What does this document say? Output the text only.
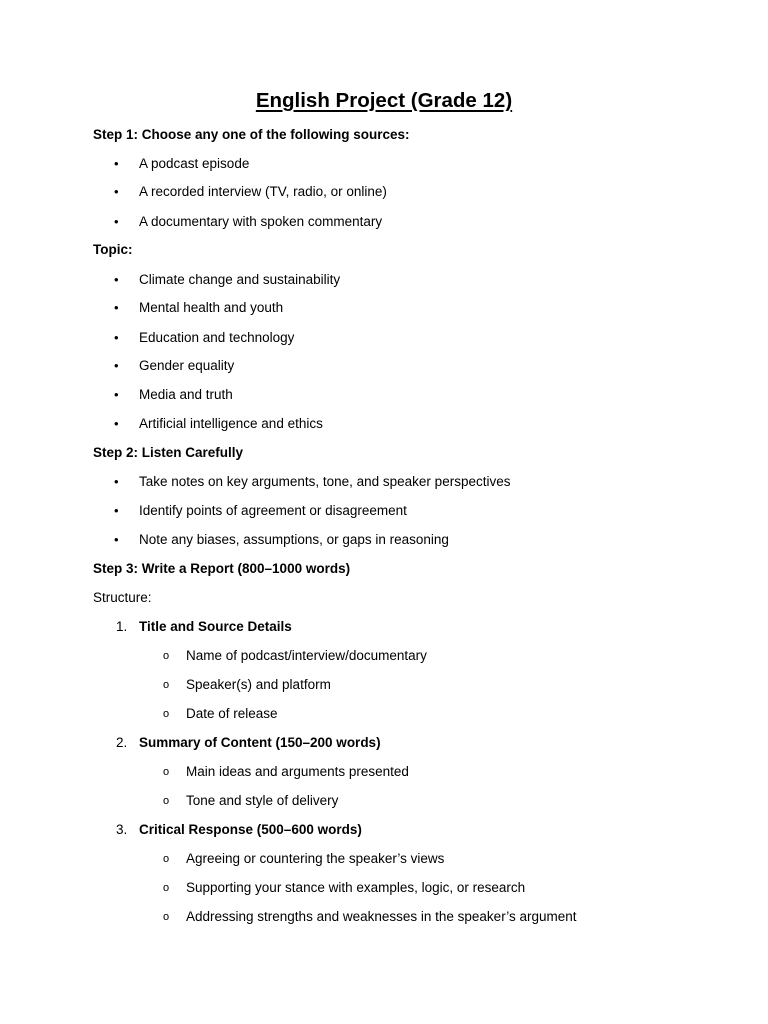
English Project (Grade 12)
Step 1: Choose any one of the following sources:
• A podcast episode
• A recorded interview (TV, radio, or online)
• A documentary with spoken commentary
Topic:
• Climate change and sustainability
• Mental health and youth
• Education and technology
• Gender equality
• Media and truth
• Artificial intelligence and ethics
Step 2: Listen Carefully
• Take notes on key arguments, tone, and speaker perspectives
• Identify points of agreement or disagreement
• Note any biases, assumptions, or gaps in reasoning
Step 3: Write a Report (800–1000 words)
Structure:
1. Title and Source Details
o Name of podcast/interview/documentary
o Speaker(s) and platform
o Date of release
2. Summary of Content (150–200 words)
o Main ideas and arguments presented
o Tone and style of delivery
3. Critical Response (500–600 words)
o Agreeing or countering the speaker’s views
o Supporting your stance with examples, logic, or research
o Addressing strengths and weaknesses in the speaker’s argument
